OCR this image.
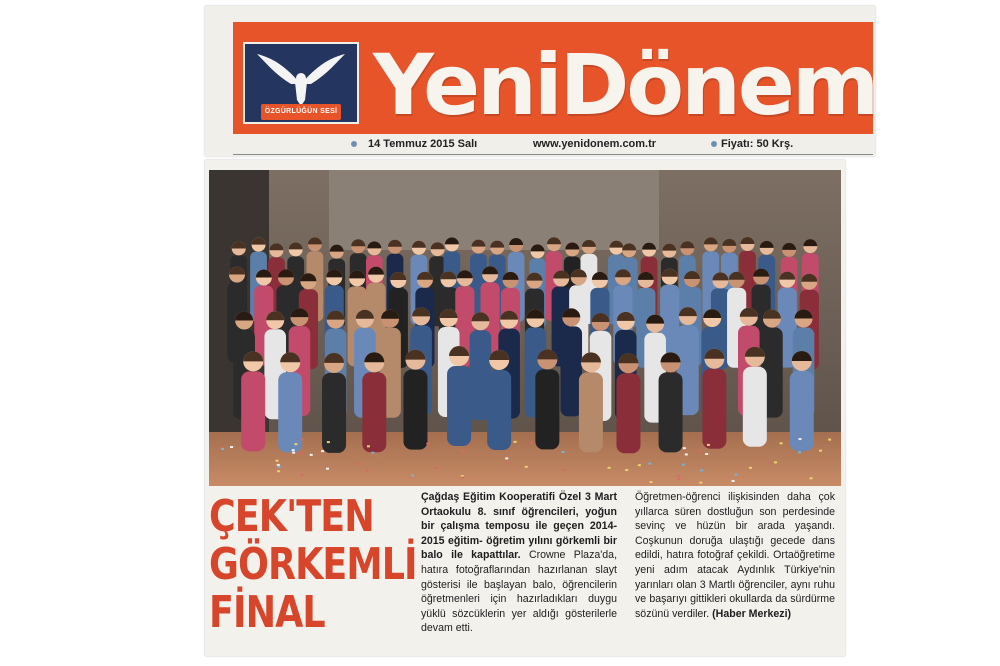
ÖZGÜRLÜĞÜN SESİ YeniDönem
14 Temmuz 2015 Salı	www.yenidonem.com.tr	Fiyatı: 50 Krş.
ÇEK'TEN
GÖRKEMLİ
FİNAL
Çağdaş Eğitim Kooperatifi Özel 3 Mart Ortaokulu 8. sınıf öğrencileri, yoğun bir çalışma temposu ile geçen 2014-2015 eğitim- öğretim yılını görkemli bir balo ile kapattılar. Crowne Plaza'da, hatıra fotoğraflarından hazırlanan slayt gösterisi ile başlayan balo, öğrencilerin öğretmenleri için hazırladıkları duygu yüklü sözcüklerin yer aldığı gösterilerle devam etti.
Öğretmen-öğrenci ilişkisinden daha çok yıllarca süren dostluğun son perdesinde sevinç ve hüzün bir arada yaşandı. Coşkunun doruğa ulaştığı gecede dans edildi, hatıra fotoğraf çekildi. Ortaöğretime yeni adım atacak Aydınlık Türkiye'nin yarınları olan 3 Martlı öğrenciler, aynı ruhu ve başarıyı gittikleri okullarda da sürdürme sözünü verdiler. (Haber Merkezi)
